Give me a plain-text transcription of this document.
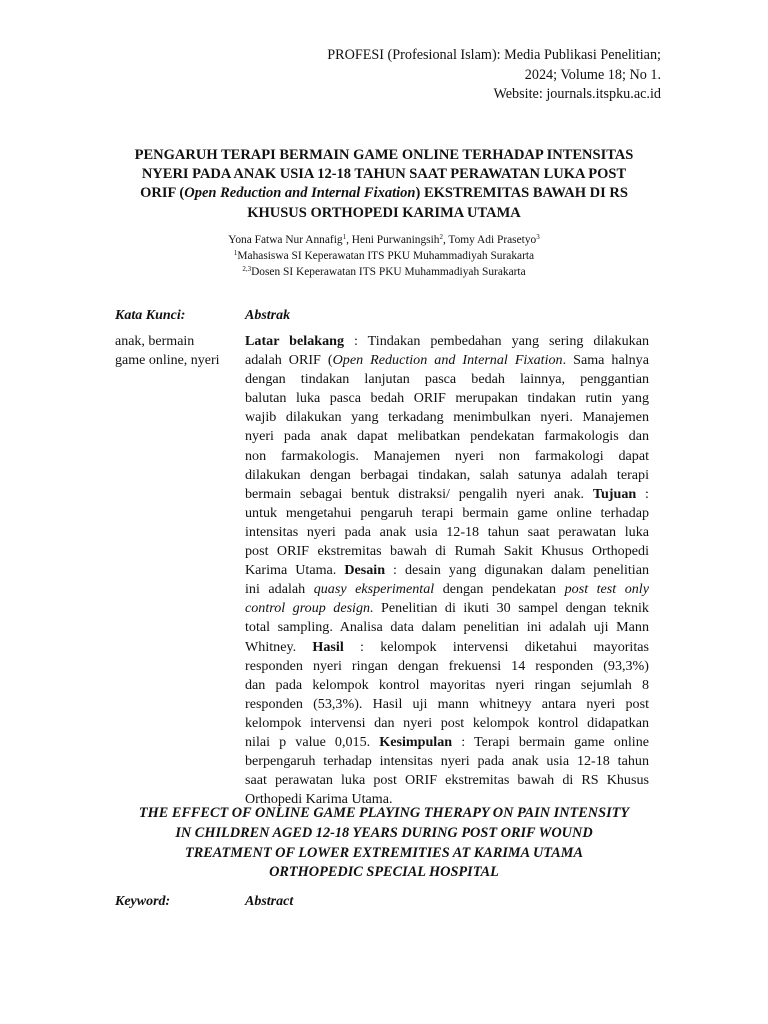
PROFESI (Profesional Islam): Media Publikasi Penelitian;
2024; Volume 18; No 1.
Website: journals.itspku.ac.id
PENGARUH TERAPI BERMAIN GAME ONLINE TERHADAP INTENSITAS
NYERI PADA ANAK USIA 12-18 TAHUN SAAT PERAWATAN LUKA POST
ORIF (Open Reduction and Internal Fixation) EKSTREMITAS BAWAH DI RS
KHUSUS ORTHOPEDI KARIMA UTAMA
Yona Fatwa Nur Annafig$^1$, Heni Purwaningsih$^2$, Tomy Adi Prasetyo$^3$
$^1$Mahasiswa SI Keperawatan ITS PKU Muhammadiyah Surakarta
$^{2,3}$Dosen SI Keperawatan ITS PKU Muhammadiyah Surakarta
Kata Kunci:	Abstrak
anak, bermain
game online, nyeri
Latar belakang : Tindakan pembedahan yang sering dilakukan
adalah ORIF (Open Reduction and Internal Fixation. Sama halnya
dengan tindakan lanjutan pasca bedah lainnya, penggantian
balutan luka pasca bedah ORIF merupakan tindakan rutin yang
wajib dilakukan yang terkadang menimbulkan nyeri. Manajemen
nyeri pada anak dapat melibatkan pendekatan farmakologis dan
non farmakologis. Manajemen nyeri non farmakologi dapat
dilakukan dengan berbagai tindakan, salah satunya adalah terapi
bermain sebagai bentuk distraksi/ pengalih nyeri anak. Tujuan :
untuk mengetahui pengaruh terapi bermain game online terhadap
intensitas nyeri pada anak usia 12-18 tahun saat perawatan luka
post ORIF ekstremitas bawah di Rumah Sakit Khusus Orthopedi
Karima Utama. Desain : desain yang digunakan dalam penelitian
ini adalah quasy eksperimental dengan pendekatan post test only
control group design. Penelitian di ikuti 30 sampel dengan teknik
total sampling. Analisa data dalam penelitian ini adalah uji Mann
Whitney. Hasil : kelompok intervensi diketahui mayoritas
responden nyeri ringan dengan frekuensi 14 responden (93,3%)
dan pada kelompok kontrol mayoritas nyeri ringan sejumlah 8
responden (53,3%). Hasil uji mann whitneyy antara nyeri post
kelompok intervensi dan nyeri post kelompok kontrol didapatkan
nilai p value 0,015. Kesimpulan : Terapi bermain game online
berpengaruh terhadap intensitas nyeri pada anak usia 12-18 tahun
saat perawatan luka post ORIF ekstremitas bawah di RS Khusus
Orthopedi Karima Utama.
THE EFFECT OF ONLINE GAME PLAYING THERAPY ON PAIN INTENSITY
IN CHILDREN AGED 12-18 YEARS DURING POST ORIF WOUND
TREATMENT OF LOWER EXTREMITIES AT KARIMA UTAMA
ORTHOPEDIC SPECIAL HOSPITAL
Keyword:	Abstract
